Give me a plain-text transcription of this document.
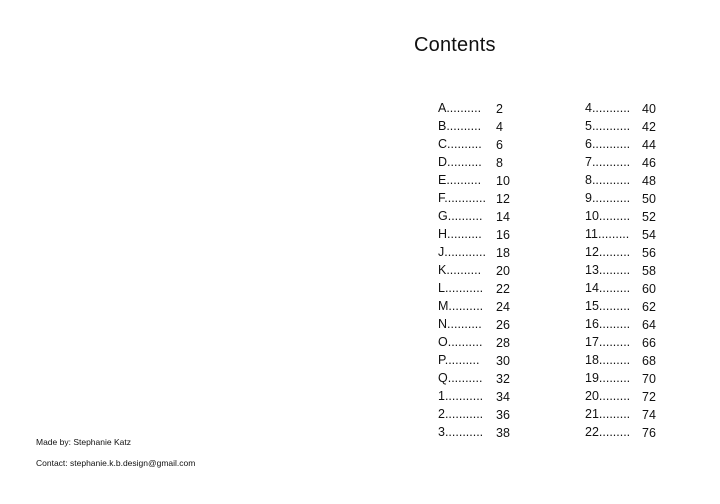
Contents
A.......... 2
B.......... 4
C.......... 6
D.......... 8
E.......... 10
F............ 12
G.......... 14
H.......... 16
J............ 18
K.......... 20
L........... 22
M.......... 24
N.......... 26
O.......... 28
P.......... 30
Q.......... 32
1........... 34
2........... 36
3........... 38
4........... 40
5........... 42
6........... 44
7........... 46
8........... 48
9........... 50
10......... 52
11......... 54
12......... 56
13......... 58
14......... 60
15......... 62
16......... 64
17......... 66
18......... 68
19......... 70
20......... 72
21......... 74
22......... 76
Made by: Stephanie Katz
Contact: stephanie.k.b.design@gmail.com
